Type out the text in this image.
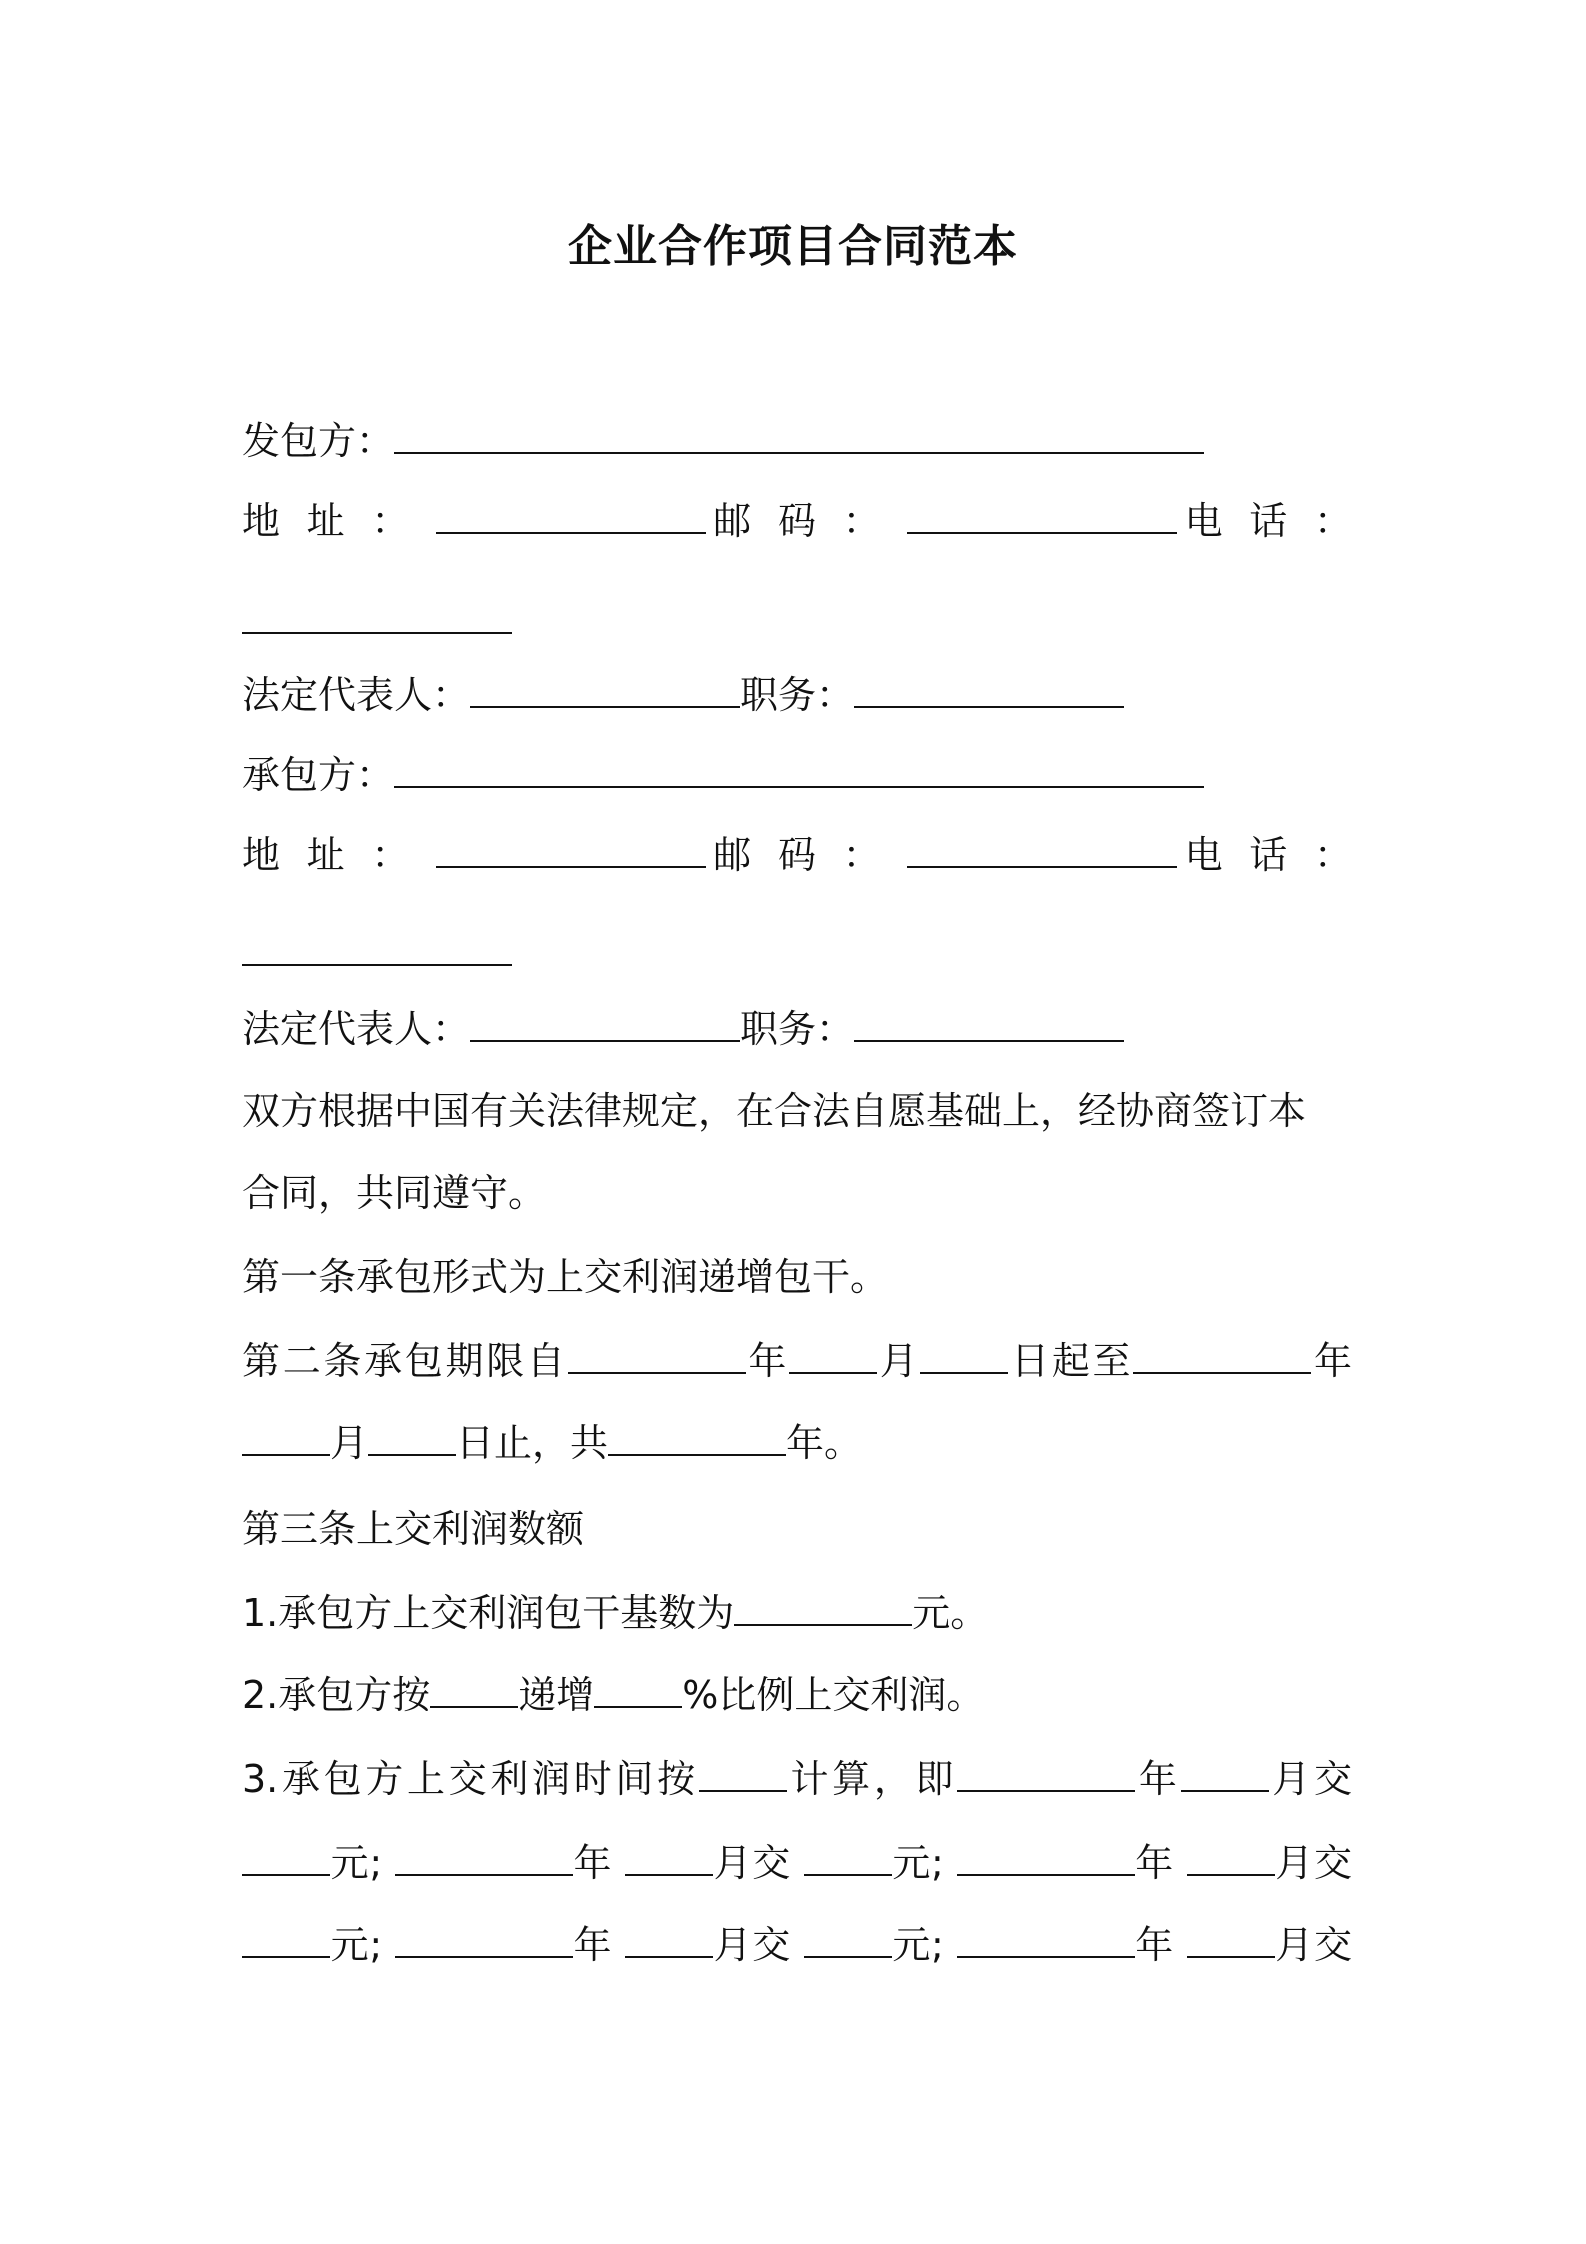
企业合作项目合同范本
发包方：
地 址 ：	邮 码 ：	电 话 ：
法定代表人：	职务：
承包方：
地 址 ：	邮 码 ：	电 话 ：
法定代表人：	职务：
双方根据中国有关法律规定，在合法自愿基础上，经协商签订本
合同，共同遵守。
第一条承包形式为上交利润递增包干。
第二条承包期限自	年 月 日起至	年
月 日止，共	年。
第三条上交利润数额
1.承包方上交利润包干基数为	元。
2.承包方按 递增 %比例上交利润。
3.承包方上交利润时间按 计算，即	年 月交
元;	年	月交	元;	年	月交
元;	年	月交	元;	年	月交
